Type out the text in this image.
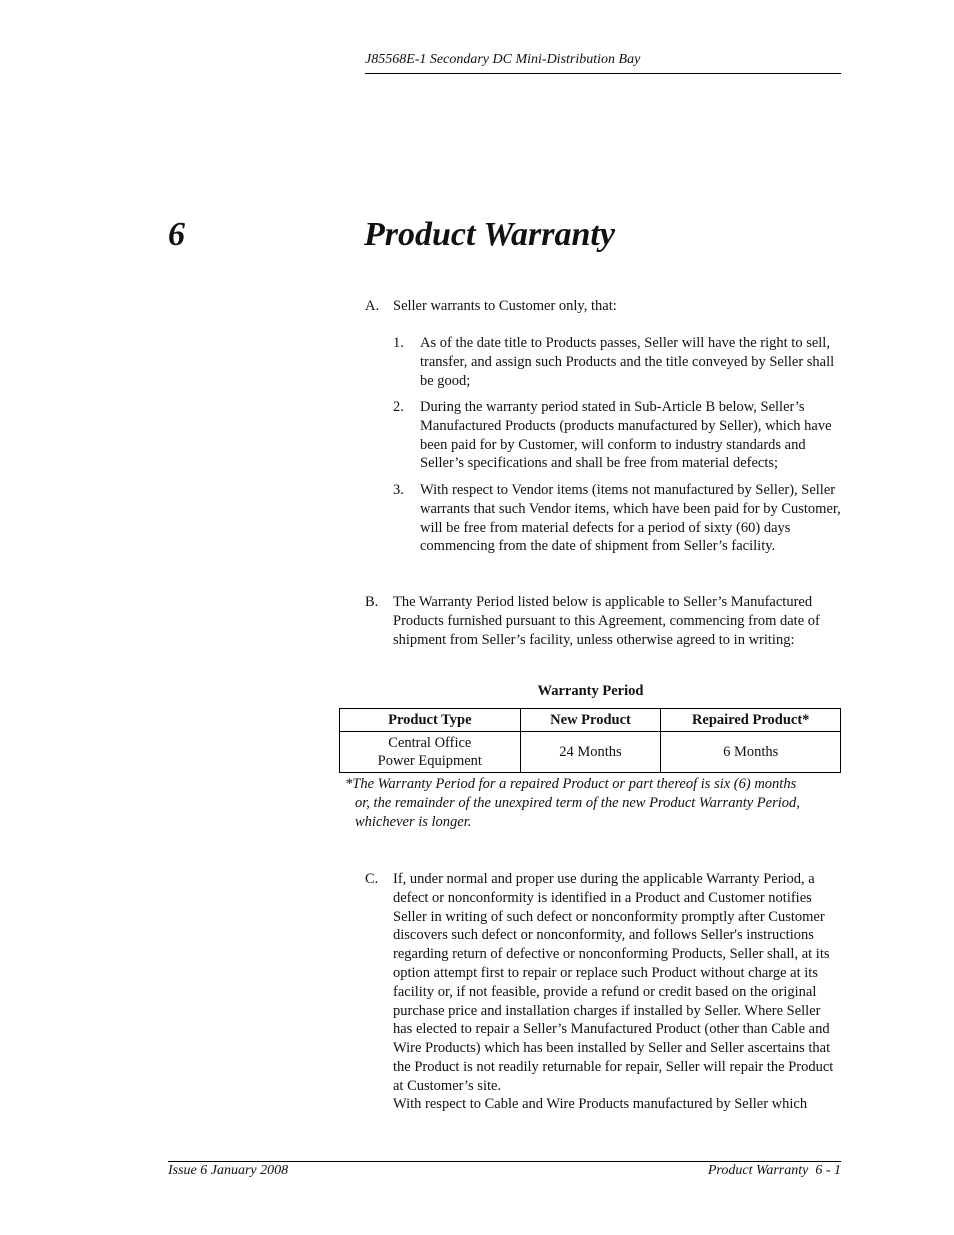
J85568E-1 Secondary DC Mini-Distribution Bay
6	Product Warranty
A. Seller warrants to Customer only, that:
1. As of the date title to Products passes, Seller will have the right to sell, transfer, and assign such Products and the title conveyed by Seller shall be good;
2. During the warranty period stated in Sub-Article B below, Seller’s Manufactured Products (products manufactured by Seller), which have been paid for by Customer, will conform to industry standards and Seller’s specifications and shall be free from material defects;
3. With respect to Vendor items (items not manufactured by Seller), Seller warrants that such Vendor items, which have been paid for by Customer, will be free from material defects for a period of sixty (60) days commencing from the date of shipment from Seller’s facility.
B. The Warranty Period listed below is applicable to Seller’s Manufactured Products furnished pursuant to this Agreement, commencing from date of shipment from Seller’s facility, unless otherwise agreed to in writing:
Warranty Period
Product Type	New Product	Repaired Product*
Central Office
Power Equipment	24 Months	6 Months
*The Warranty Period for a repaired Product or part thereof is six (6) months
or, the remainder of the unexpired term of the new Product Warranty Period,
whichever is longer.
C. If, under normal and proper use during the applicable Warranty Period, a defect or nonconformity is identified in a Product and Customer notifies Seller in writing of such defect or nonconformity promptly after Customer discovers such defect or nonconformity, and follows Seller's instructions regarding return of defective or nonconforming Products, Seller shall, at its option attempt first to repair or replace such Product without charge at its facility or, if not feasible, provide a refund or credit based on the original purchase price and installation charges if installed by Seller. Where Seller has elected to repair a Seller’s Manufactured Product (other than Cable and Wire Products) which has been installed by Seller and Seller ascertains that the Product is not readily returnable for repair, Seller will repair the Product at Customer’s site.
With respect to Cable and Wire Products manufactured by Seller which
Issue 6 January 2008	Product Warranty  6 - 1
